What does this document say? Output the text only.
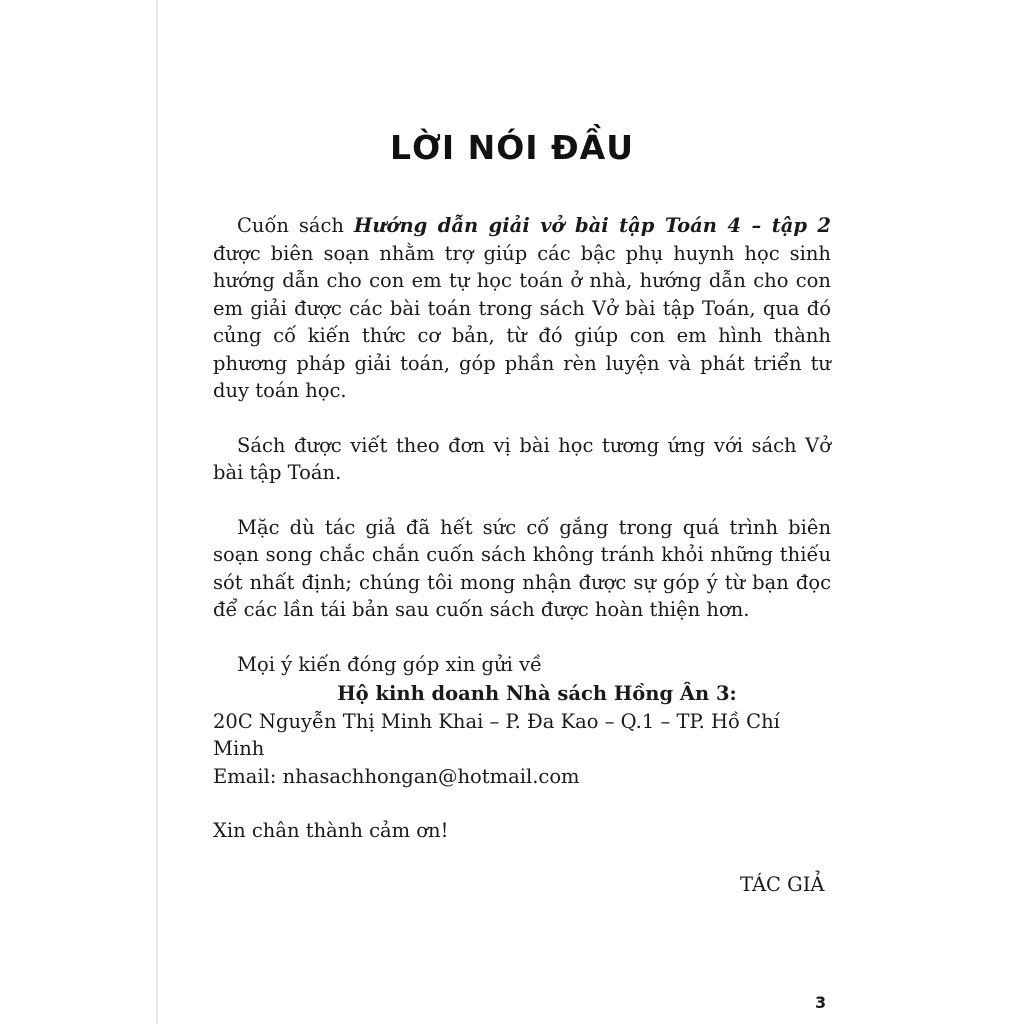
LỜI NÓI ĐẦU

Cuốn sách Hướng dẫn giải vở bài tập Toán 4 – tập 2 được biên soạn nhằm trợ giúp các bậc phụ huynh học sinh hướng dẫn cho con em tự học toán ở nhà, hướng dẫn cho con em giải được các bài toán trong sách Vở bài tập Toán, qua đó củng cố kiến thức cơ bản, từ đó giúp con em hình thành phương pháp giải toán, góp phần rèn luyện và phát triển tư duy toán học.

Sách được viết theo đơn vị bài học tương ứng với sách Vở bài tập Toán.

Mặc dù tác giả đã hết sức cố gắng trong quá trình biên soạn song chắc chắn cuốn sách không tránh khỏi những thiếu sót nhất định; chúng tôi mong nhận được sự góp ý từ bạn đọc để các lần tái bản sau cuốn sách được hoàn thiện hơn.

Mọi ý kiến đóng góp xin gửi về

Hộ kinh doanh Nhà sách Hồng Ân 3:

20C Nguyễn Thị Minh Khai – P. Đa Kao – Q.1 – TP. Hồ Chí Minh

Email: nhasachhongan@hotmail.com

Xin chân thành cảm ơn!

TÁC GIẢ
3
